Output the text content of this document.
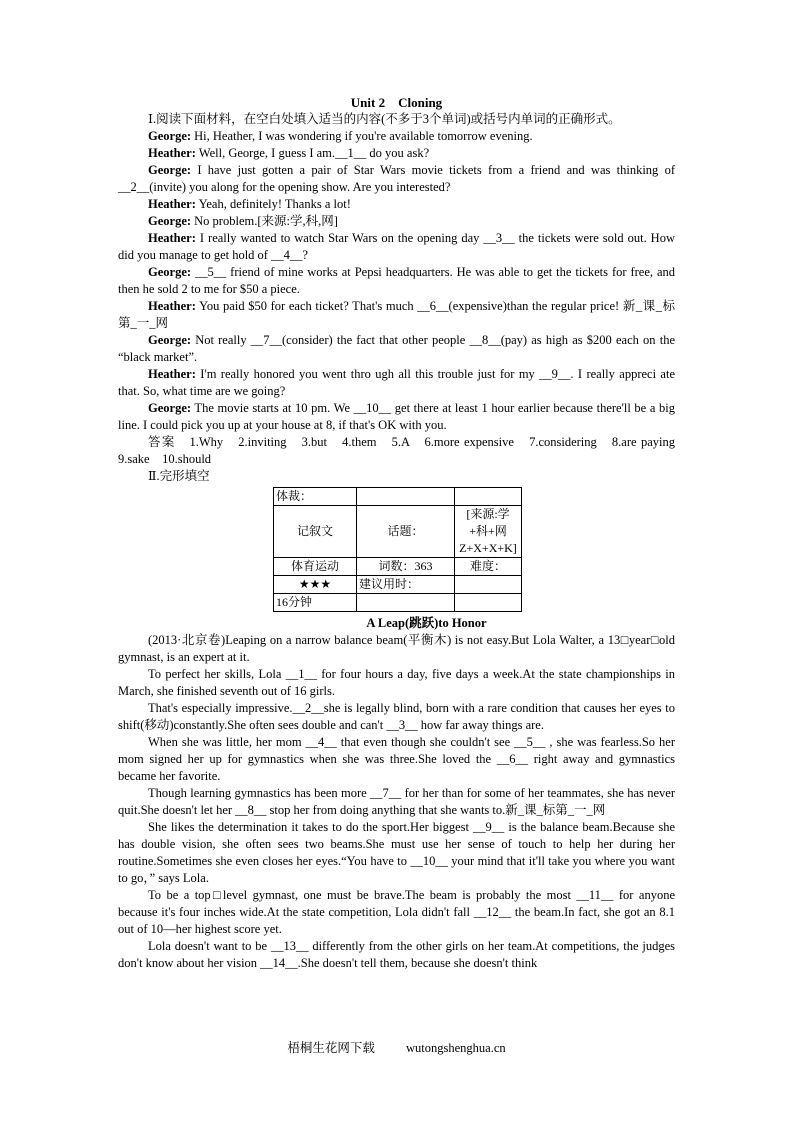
Unit 2　Cloning

Ⅰ.阅读下面材料，在空白处填入适当的内容(不多于3个单词)或括号内单词的正确形式。

George: Hi, Heather, I was wondering if you're available tomorrow evening.

Heather: Well, George, I guess I am.__1__ do you ask?

George: I have just gotten a pair of Star Wars movie tickets from a friend and was thinking of __2__(invite) you along for the opening show. Are you interested?

Heather: Yeah, definitely! Thanks a lot!

George: No problem.[来源:学,科,网]

Heather: I really wanted to watch Star Wars on the opening day __3__ the tickets were sold out. How did you manage to get hold of __4__?

George: __5__ friend of mine works at Pepsi headquarters. He was able to get the tickets for free, and then he sold 2 to me for $50 a piece.

Heather: You paid $50 for each ticket? That's much __6__(expensive)than the regular price! 新_课_标第_一_网

George: Not really __7__(consider) the fact that other people __8__(pay) as high as $200 each on the “black market”.

Heather: I'm really honored you went thro ugh all this trouble just for my __9__. I really appreci ate that. So, what time are we going?

George: The movie starts at 10 pm. We __10__ get there at least 1 hour earlier because there'll be a big line. I could pick you up at your house at 8, if that's OK with you.

答案　1.Why　2.inviting　3.but　4.them　5.A　6.more expensive　7.considering　8.are paying　9.sake　10.should

Ⅱ.完形填空

体裁：		
记叙文	话题：	[来源:学+科+网Z+X+X+K]
体育运动	词数：363	难度：
★★★	建议用时：	
16分钟		
A Leap(跳跃)to Honor

(2013·北京卷)Leaping on a narrow balance beam(平衡木) is not easy.But Lola Walter, a 13□year□old gymnast, is an expert at it.

To perfect her skills, Lola __1__ for four hours a day, five days a week.At the state championships in March, she finished seventh out of 16 girls.

That's especially impressive.__2__she is legally blind, born with a rare condition that causes her eyes to shift(移动)constantly.She often sees double and can't __3__ how far away things are.

When she was little, her mom __4__ that even though she couldn't see __5__ , she was fearless.So her mom signed her up for gymnastics when she was three.She loved the __6__ right away and gymnastics became her favorite.

Though learning gymnastics has been more __7__ for her than for some of her teammates, she has never quit.She doesn't let her __8__ stop her from doing anything that she wants to.新_课_标第_一_网

She likes the determination it takes to do the sport.Her biggest __9__ is the balance beam.Because she has double vision, she often sees two beams.She must use her sense of touch to help her during her routine.Sometimes she even closes her eyes.“You have to __10__ your mind that it'll take you where you want to go，” says Lola.

To be a top□level gymnast, one must be brave.The beam is probably the most __11__ for anyone because it's four inches wide.At the state competition, Lola didn't fall __12__ the beam.In fact, she got an 8.1 out of 10—her highest score yet.

Lola doesn't want to be __13__ differently from the other girls on her team.At competitions, the judges don't know about her vision __14__.She doesn't tell them, because she doesn't think

梧桐生花网下载 wutongshenghua.cn
